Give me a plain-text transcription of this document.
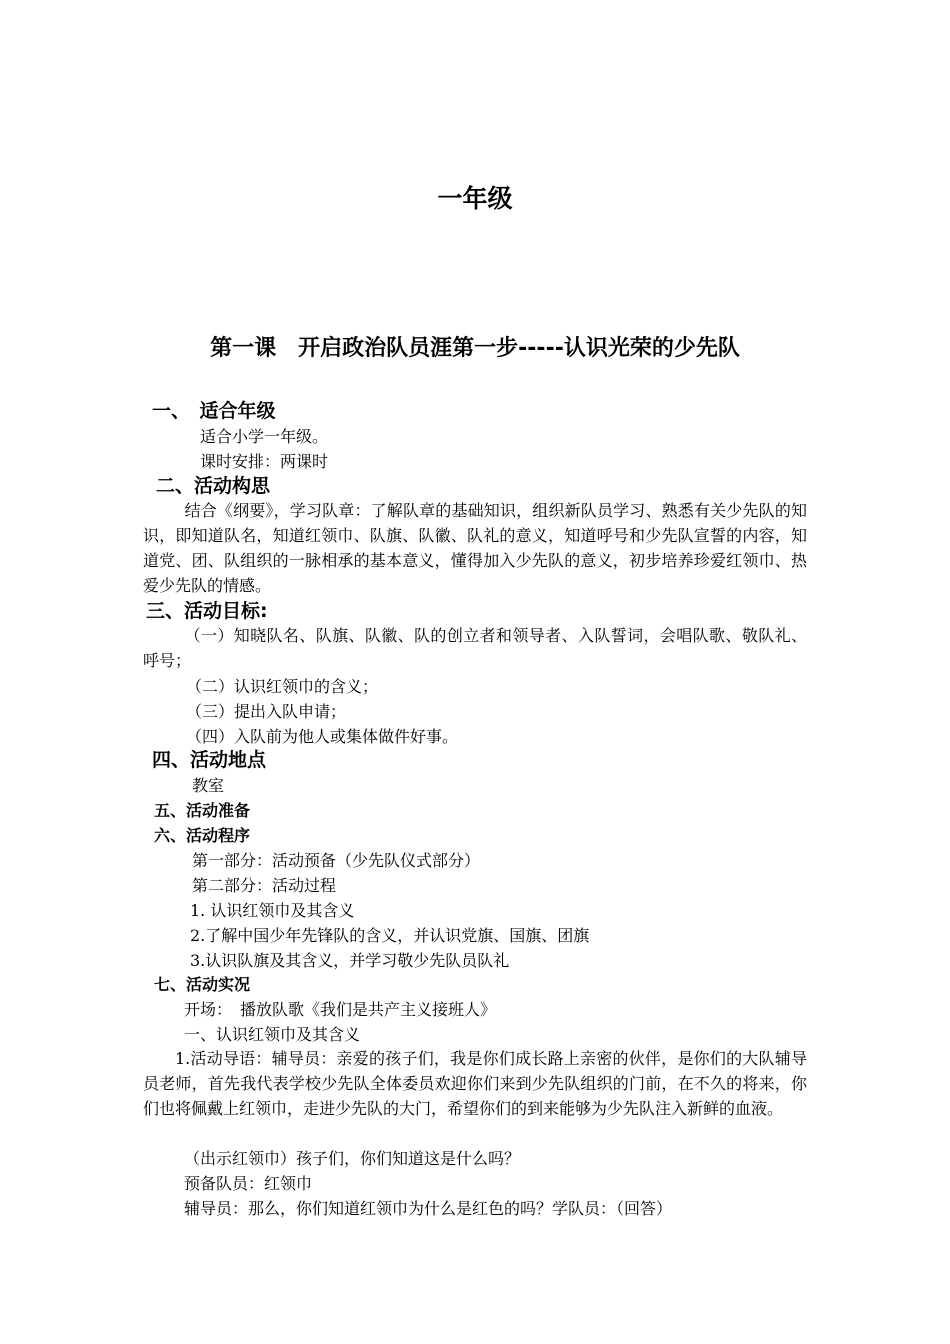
一年级
第一课　开启政治队员涯第一步-----认识光荣的少先队
一、　适合年级
适合小学一年级。
课时安排：两课时
二、活动构思
结合《纲要》，学习队章：了解队章的基础知识，组织新队员学习、熟悉有关少先队的知识，即知道队名，知道红领巾、队旗、队徽、队礼的意义，知道呼号和少先队宣誓的内容，知道党、团、队组织的一脉相承的基本意义，懂得加入少先队的意义，初步培养珍爱红领巾、热爱少先队的情感。
三、活动目标:
（一）知晓队名、队旗、队徽、队的创立者和领导者、入队誓词，会唱队歌、敬队礼、呼号；
（二）认识红领巾的含义；
（三）提出入队申请；
（四）入队前为他人或集体做件好事。
四、活动地点
教室
五、活动准备
六、活动程序
第一部分：活动预备（少先队仪式部分）
第二部分：活动过程
1. 认识红领巾及其含义
2.了解中国少年先锋队的含义，并认识党旗、国旗、团旗
3.认识队旗及其含义，并学习敬少先队员队礼
七、活动实况
开场：　播放队歌《我们是共产主义接班人》
一、认识红领巾及其含义
1.活动导语：辅导员：亲爱的孩子们，我是你们成长路上亲密的伙伴，是你们的大队辅导员老师，首先我代表学校少先队全体委员欢迎你们来到少先队组织的门前，在不久的将来，你们也将佩戴上红领巾，走进少先队的大门，希望你们的到来能够为少先队注入新鲜的血液。
（出示红领巾）孩子们，你们知道这是什么吗？
预备队员：红领巾
辅导员：那么，你们知道红领巾为什么是红色的吗？学队员：（回答）
